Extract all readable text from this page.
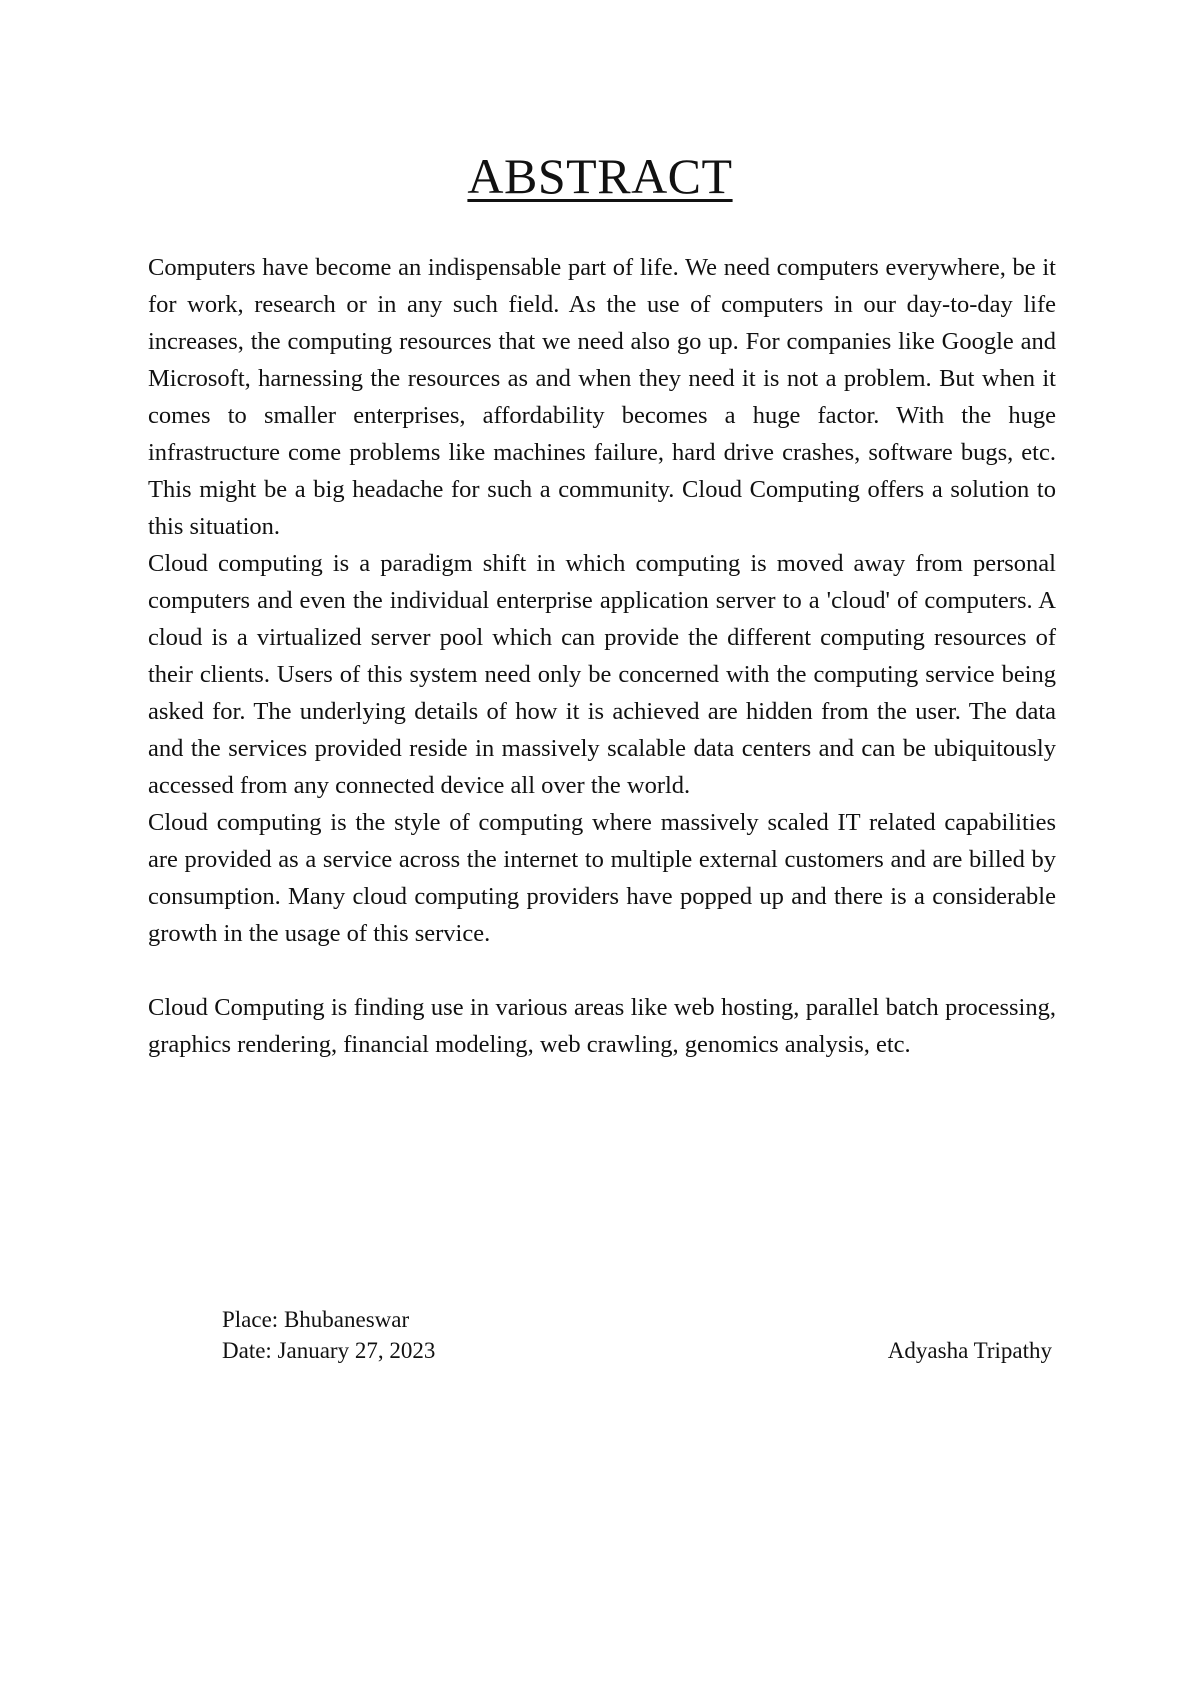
ABSTRACT

Computers have become an indispensable part of life. We need computers everywhere, be it for work, research or in any such field. As the use of computers in our day-to-day life increases, the computing resources that we need also go up. For companies like Google and Microsoft, harnessing the resources as and when they need it is not a problem. But when it comes to smaller enterprises, affordability becomes a huge factor. With the huge infrastructure come problems like machines failure, hard drive crashes, software bugs, etc. This might be a big headache for such a community. Cloud Computing offers a solution to this situation.

Cloud computing is a paradigm shift in which computing is moved away from personal computers and even the individual enterprise application server to a 'cloud' of computers. A cloud is a virtualized server pool which can provide the different computing resources of their clients. Users of this system need only be concerned with the computing service being asked for. The underlying details of how it is achieved are hidden from the user. The data and the services provided reside in massively scalable data centers and can be ubiquitously accessed from any connected device all over the world.

Cloud computing is the style of computing where massively scaled IT related capabilities are provided as a service across the internet to multiple external customers and are billed by consumption. Many cloud computing providers have popped up and there is a considerable growth in the usage of this service.

Cloud Computing is finding use in various areas like web hosting, parallel batch processing, graphics rendering, financial modeling, web crawling, genomics analysis, etc.

Place: Bhubaneswar
Date: January 27, 2023	Adyasha Tripathy
